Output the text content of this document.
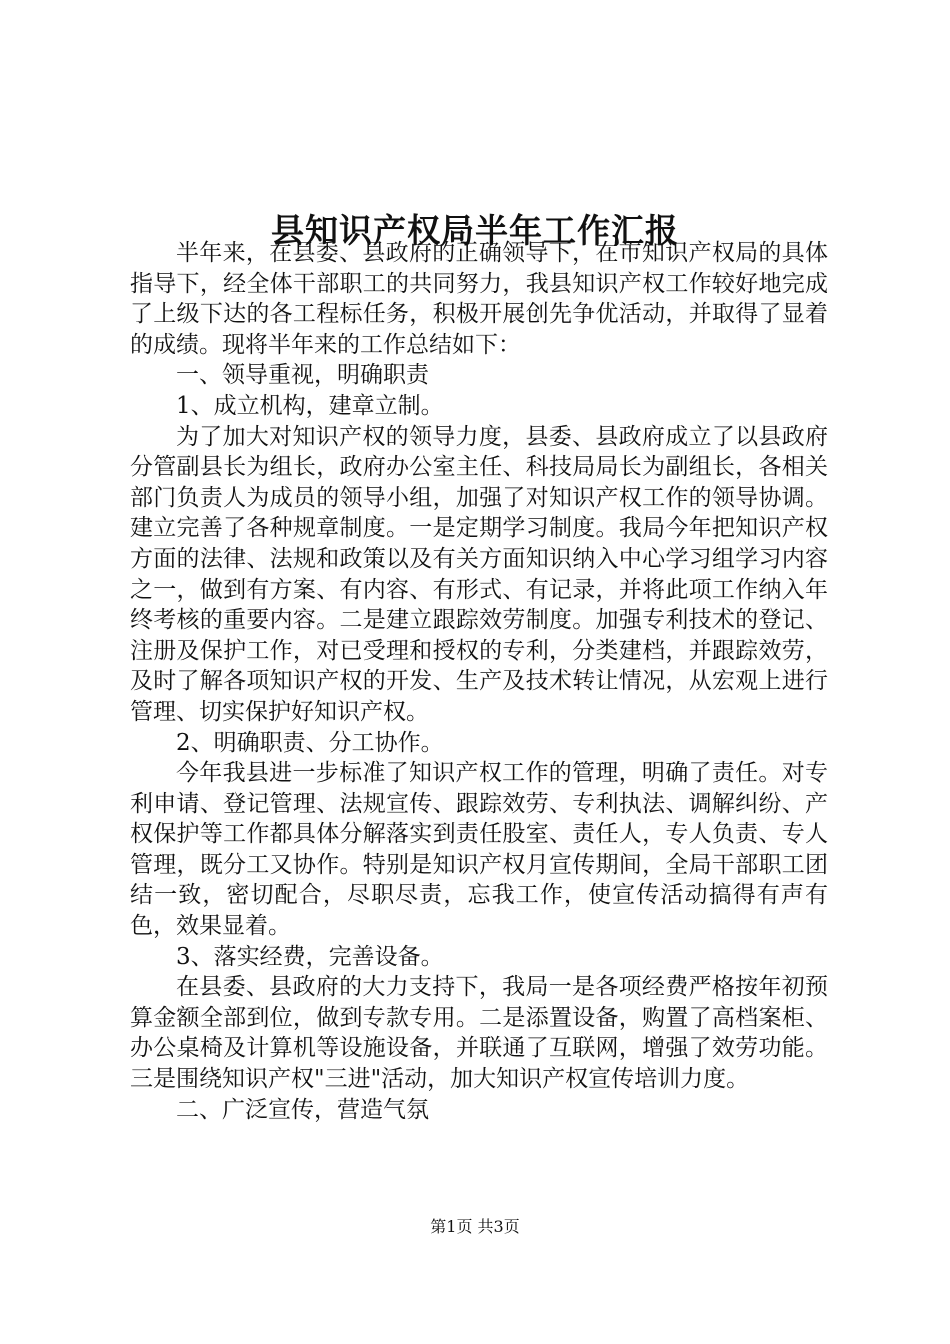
县知识产权局半年工作汇报

半年来，在县委、县政府的正确领导下，在市知识产权局的具体指导下，经全体干部职工的共同努力，我县知识产权工作较好地完成了上级下达的各工程标任务，积极开展创先争优活动，并取得了显着的成绩。现将半年来的工作总结如下：

一、领导重视，明确职责

1、成立机构，建章立制。

为了加大对知识产权的领导力度，县委、县政府成立了以县政府分管副县长为组长，政府办公室主任、科技局局长为副组长，各相关部门负责人为成员的领导小组，加强了对知识产权工作的领导协调。建立完善了各种规章制度。一是定期学习制度。我局今年把知识产权方面的法律、法规和政策以及有关方面知识纳入中心学习组学习内容之一，做到有方案、有内容、有形式、有记录，并将此项工作纳入年终考核的重要内容。二是建立跟踪效劳制度。加强专利技术的登记、注册及保护工作，对已受理和授权的专利，分类建档，并跟踪效劳，及时了解各项知识产权的开发、生产及技术转让情况，从宏观上进行管理、切实保护好知识产权。

2、明确职责、分工协作。

今年我县进一步标准了知识产权工作的管理，明确了责任。对专利申请、登记管理、法规宣传、跟踪效劳、专利执法、调解纠纷、产权保护等工作都具体分解落实到责任股室、责任人，专人负责、专人管理，既分工又协作。特别是知识产权月宣传期间，全局干部职工团结一致，密切配合，尽职尽责，忘我工作，使宣传活动搞得有声有色，效果显着。

3、落实经费，完善设备。

在县委、县政府的大力支持下，我局一是各项经费严格按年初预算金额全部到位，做到专款专用。二是添置设备，购置了高档案柜、办公桌椅及计算机等设施设备，并联通了互联网，增强了效劳功能。三是围绕知识产权"三进"活动，加大知识产权宣传培训力度。

二、广泛宣传，营造气氛

第1页 共3页
